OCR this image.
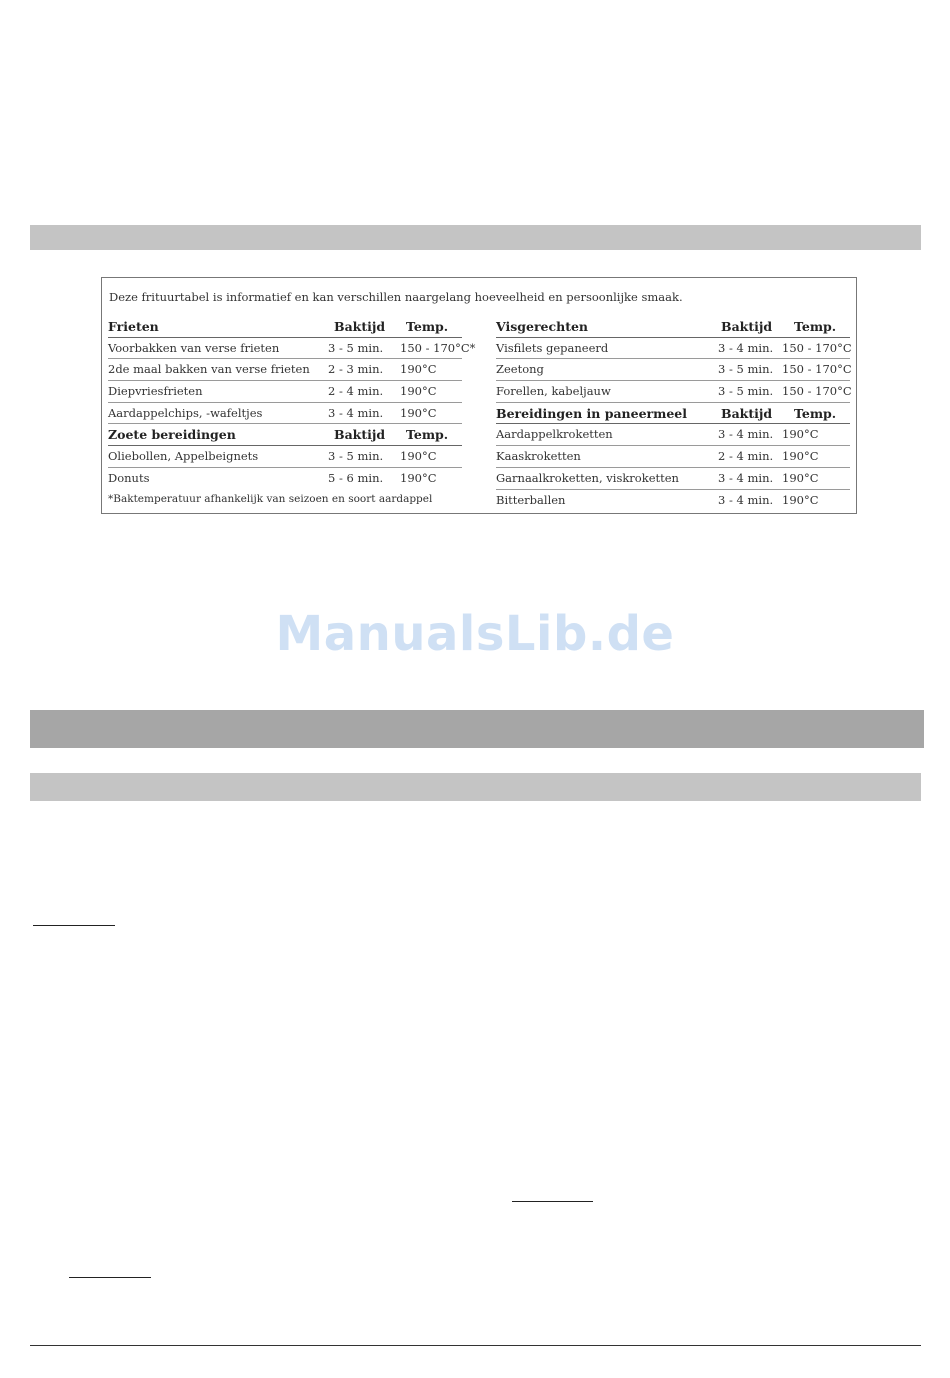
Deze frituurtabel is informatief en kan verschillen naargelang hoeveelheid en persoonlijke smaak.
Frieten	Baktijd Temp.
Voorbakken van verse frieten	3 - 5 min. 150 - 170°C*
2de maal bakken van verse frieten 2 - 3 min. 190°C
Diepvriesfrieten	2 - 4 min. 190°C
Aardappelchips, -wafeltjes	3 - 4 min. 190°C
Zoete bereidingen	Baktijd Temp.
Oliebollen, Appelbeignets	3 - 5 min. 190°C
Donuts	5 - 6 min. 190°C
*Baktemperatuur afhankelijk van seizoen en soort aardappel
Visgerechten	Baktijd Temp.
Visfilets gepaneerd	3 - 4 min. 150 - 170°C
Zeetong	3 - 5 min. 150 - 170°C
Forellen, kabeljauw	3 - 5 min. 150 - 170°C
Bereidingen in paneermeel	Baktijd Temp.
Aardappelkroketten	3 - 4 min. 190°C
Kaaskroketten	2 - 4 min. 190°C
Garnaalkroketten, viskroketten	3 - 4 min. 190°C
Bitterballen	3 - 4 min. 190°C
ManualsLib.de
